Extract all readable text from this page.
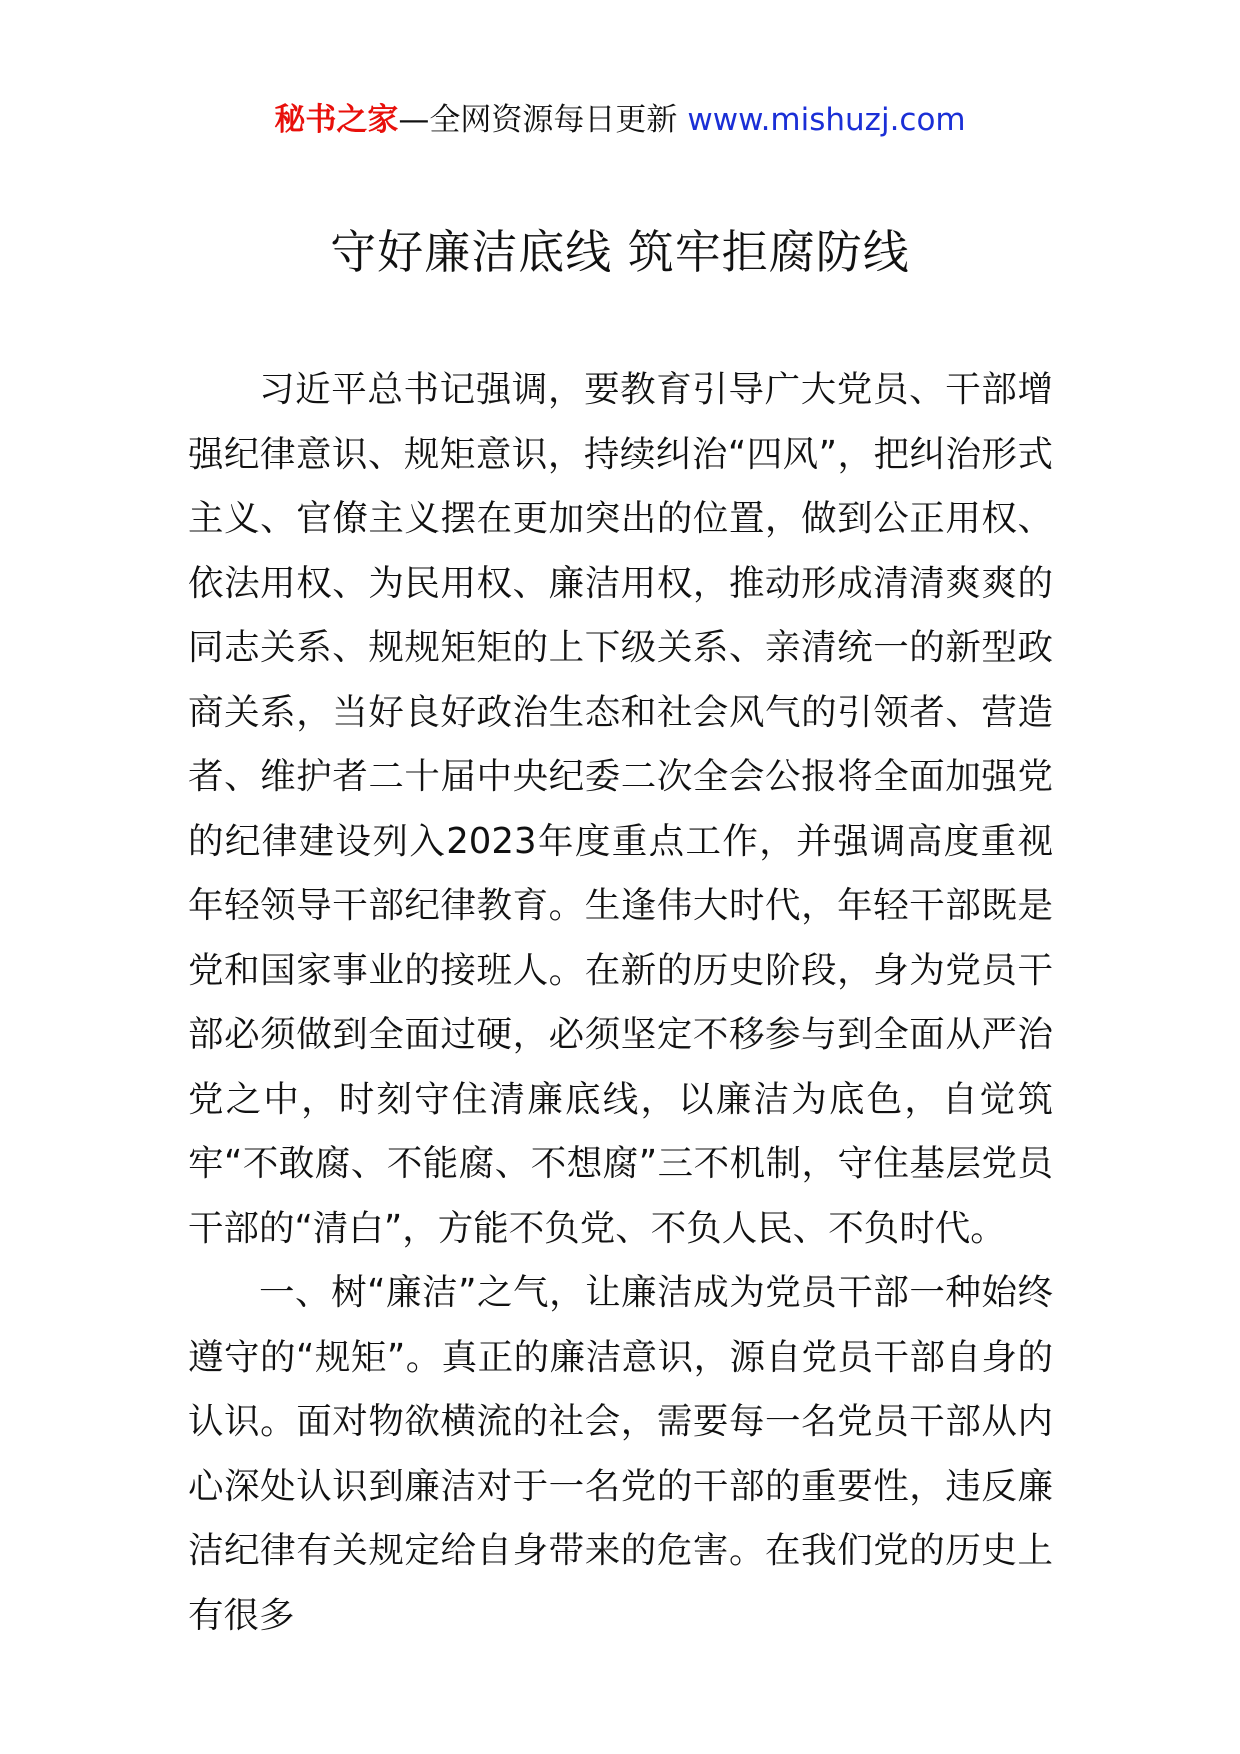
秘书之家—全网资源每日更新 www.mishuzj.com
守好廉洁底线 筑牢拒腐防线

习近平总书记强调，要教育引导广大党员、干部增强纪律意识、规矩意识，持续纠治“四风”，把纠治形式主义、官僚主义摆在更加突出的位置，做到公正用权、依法用权、为民用权、廉洁用权，推动形成清清爽爽的同志关系、规规矩矩的上下级关系、亲清统一的新型政商关系，当好良好政治生态和社会风气的引领者、营造者、维护者二十届中央纪委二次全会公报将全面加强党的纪律建设列入2023年度重点工作，并强调高度重视年轻领导干部纪律教育。生逢伟大时代，年轻干部既是党和国家事业的接班人。在新的历史阶段，身为党员干部必须做到全面过硬，必须坚定不移参与到全面从严治党之中，时刻守住清廉底线，以廉洁为底色，自觉筑牢“不敢腐、不能腐、不想腐”三不机制，守住基层党员干部的“清白”，方能不负党、不负人民、不负时代。

一、树“廉洁”之气，让廉洁成为党员干部一种始终遵守的“规矩”。真正的廉洁意识，源自党员干部自身的认识。面对物欲横流的社会，需要每一名党员干部从内心深处认识到廉洁对于一名党的干部的重要性，违反廉洁纪律有关规定给自身带来的危害。在我们党的历史上有很多
